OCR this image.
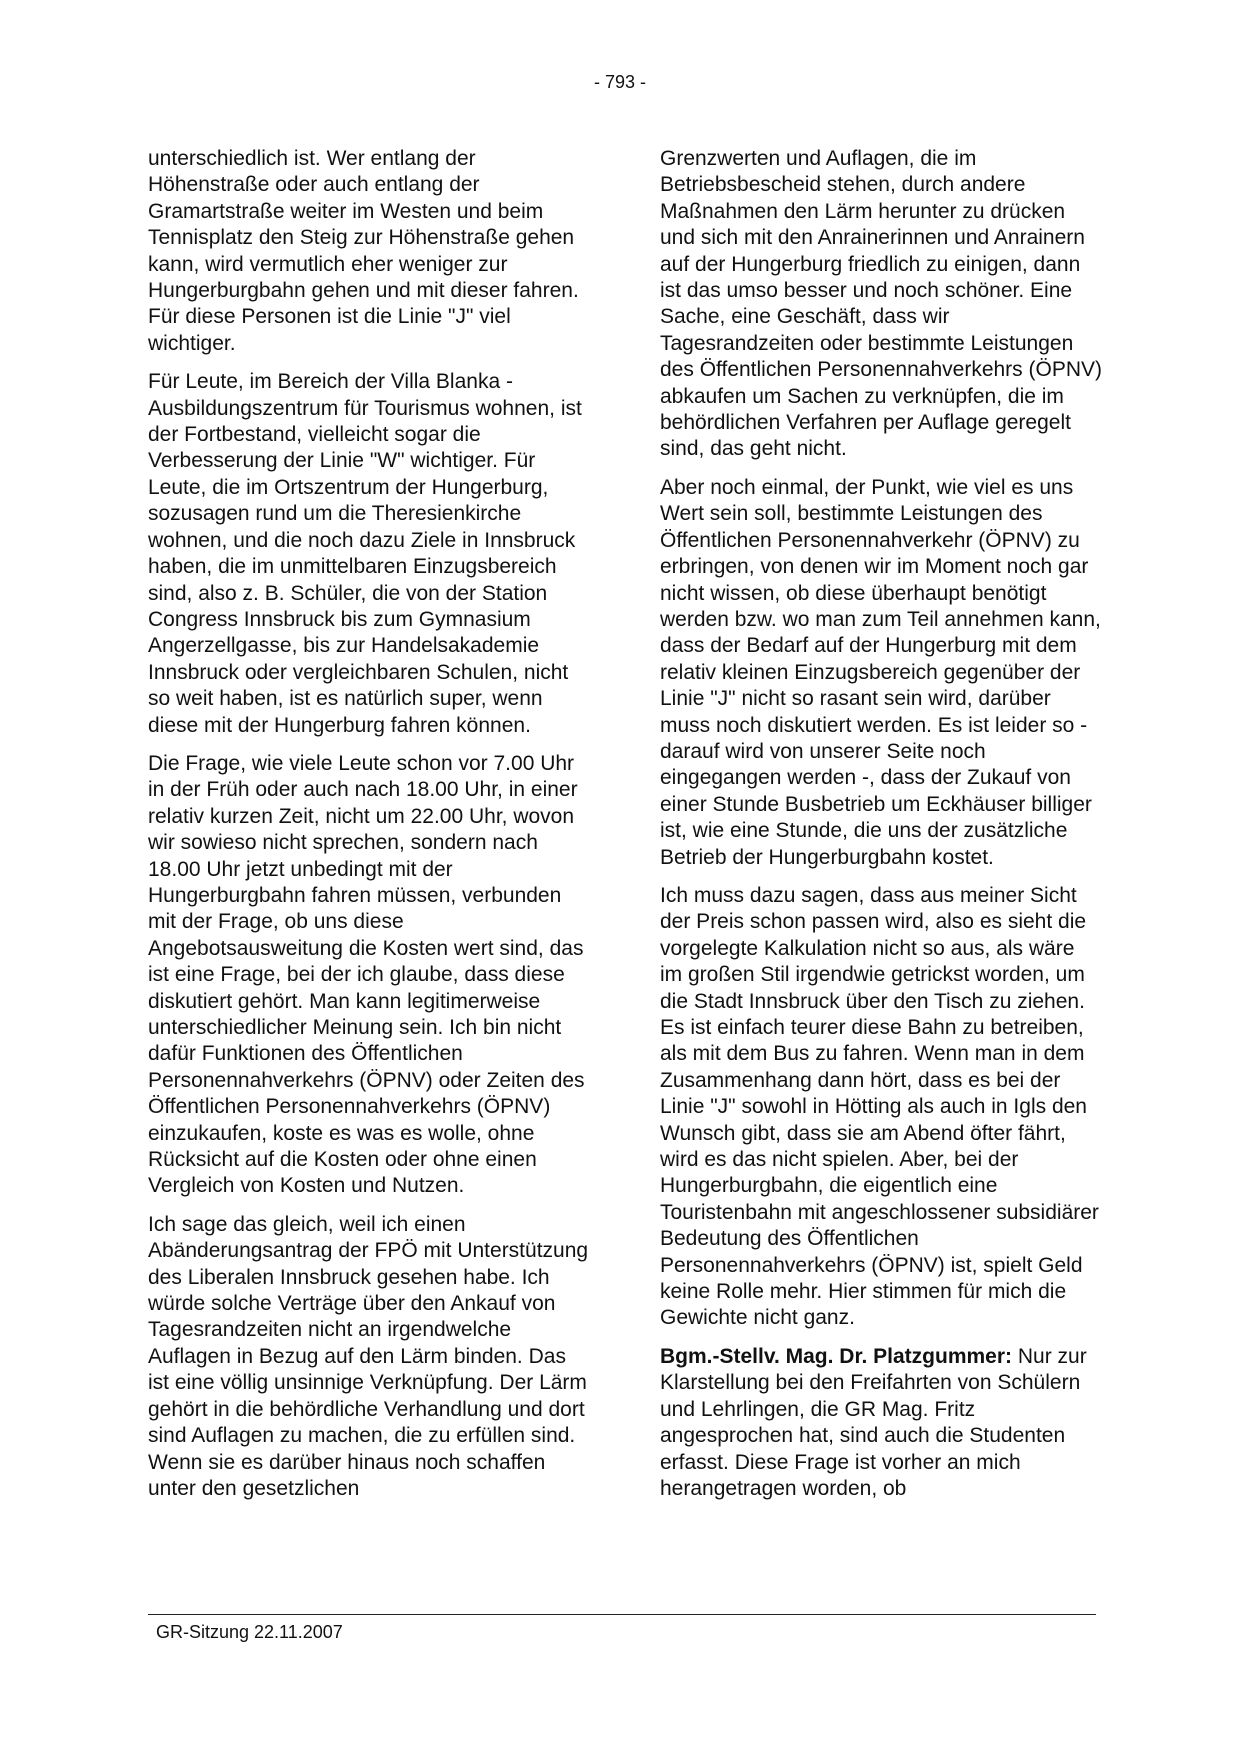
- 793 -

unterschiedlich ist. Wer entlang der Höhenstraße oder auch entlang der Gramartstraße weiter im Westen und beim Tennisplatz den Steig zur Höhenstraße gehen kann, wird vermutlich eher weniger zur Hungerburgbahn gehen und mit dieser fahren. Für diese Personen ist die Linie "J" viel wichtiger.

Für Leute, im Bereich der Villa Blanka - Ausbildungszentrum für Tourismus wohnen, ist der Fortbestand, vielleicht sogar die Verbesserung der Linie "W" wichtiger. Für Leute, die im Ortszentrum der Hungerburg, sozusagen rund um die Theresienkirche wohnen, und die noch dazu Ziele in Innsbruck haben, die im unmittelbaren Einzugsbereich sind, also z. B. Schüler, die von der Station Congress Innsbruck bis zum Gymnasium Angerzellgasse, bis zur Handelsakademie Innsbruck oder vergleichbaren Schulen, nicht so weit haben, ist es natürlich super, wenn diese mit der Hungerburg fahren können.

Die Frage, wie viele Leute schon vor 7.00 Uhr in der Früh oder auch nach 18.00 Uhr, in einer relativ kurzen Zeit, nicht um 22.00 Uhr, wovon wir sowieso nicht sprechen, sondern nach 18.00 Uhr jetzt unbedingt mit der Hungerburgbahn fahren müssen, verbunden mit der Frage, ob uns diese Angebotsausweitung die Kosten wert sind, das ist eine Frage, bei der ich glaube, dass diese diskutiert gehört. Man kann legitimerweise unterschiedlicher Meinung sein. Ich bin nicht dafür Funktionen des Öffentlichen Personennahverkehrs (ÖPNV) oder Zeiten des Öffentlichen Personennahverkehrs (ÖPNV) einzukaufen, koste es was es wolle, ohne Rücksicht auf die Kosten oder ohne einen Vergleich von Kosten und Nutzen.

Ich sage das gleich, weil ich einen Abänderungsantrag der FPÖ mit Unterstützung des Liberalen Innsbruck gesehen habe. Ich würde solche Verträge über den Ankauf von Tagesrandzeiten nicht an irgendwelche Auflagen in Bezug auf den Lärm binden. Das ist eine völlig unsinnige Verknüpfung. Der Lärm gehört in die behördliche Verhandlung und dort sind Auflagen zu machen, die zu erfüllen sind. Wenn sie es darüber hinaus noch schaffen unter den gesetzlichen

Grenzwerten und Auflagen, die im Betriebsbescheid stehen, durch andere Maßnahmen den Lärm herunter zu drücken und sich mit den Anrainerinnen und Anrainern auf der Hungerburg friedlich zu einigen, dann ist das umso besser und noch schöner. Eine Sache, eine Geschäft, dass wir Tagesrandzeiten oder bestimmte Leistungen des Öffentlichen Personennahverkehrs (ÖPNV) abkaufen um Sachen zu verknüpfen, die im behördlichen Verfahren per Auflage geregelt sind, das geht nicht.

Aber noch einmal, der Punkt, wie viel es uns Wert sein soll, bestimmte Leistungen des Öffentlichen Personennahverkehr (ÖPNV) zu erbringen, von denen wir im Moment noch gar nicht wissen, ob diese überhaupt benötigt werden bzw. wo man zum Teil annehmen kann, dass der Bedarf auf der Hungerburg mit dem relativ kleinen Einzugsbereich gegenüber der Linie "J" nicht so rasant sein wird, darüber muss noch diskutiert werden. Es ist leider so - darauf wird von unserer Seite noch eingegangen werden -, dass der Zukauf von einer Stunde Busbetrieb um Eckhäuser billiger ist, wie eine Stunde, die uns der zusätzliche Betrieb der Hungerburgbahn kostet.

Ich muss dazu sagen, dass aus meiner Sicht der Preis schon passen wird, also es sieht die vorgelegte Kalkulation nicht so aus, als wäre im großen Stil irgendwie getrickst worden, um die Stadt Innsbruck über den Tisch zu ziehen. Es ist einfach teurer diese Bahn zu betreiben, als mit dem Bus zu fahren. Wenn man in dem Zusammenhang dann hört, dass es bei der Linie "J" sowohl in Hötting als auch in Igls den Wunsch gibt, dass sie am Abend öfter fährt, wird es das nicht spielen. Aber, bei der Hungerburgbahn, die eigentlich eine Touristenbahn mit angeschlossener subsidiärer Bedeutung des Öffentlichen Personennahverkehrs (ÖPNV) ist, spielt Geld keine Rolle mehr. Hier stimmen für mich die Gewichte nicht ganz.

Bgm.-Stellv. Mag. Dr. Platzgummer: Nur zur Klarstellung bei den Freifahrten von Schülern und Lehrlingen, die GR Mag. Fritz angesprochen hat, sind auch die Studenten erfasst. Diese Frage ist vorher an mich herangetragen worden, ob

GR-Sitzung 22.11.2007
